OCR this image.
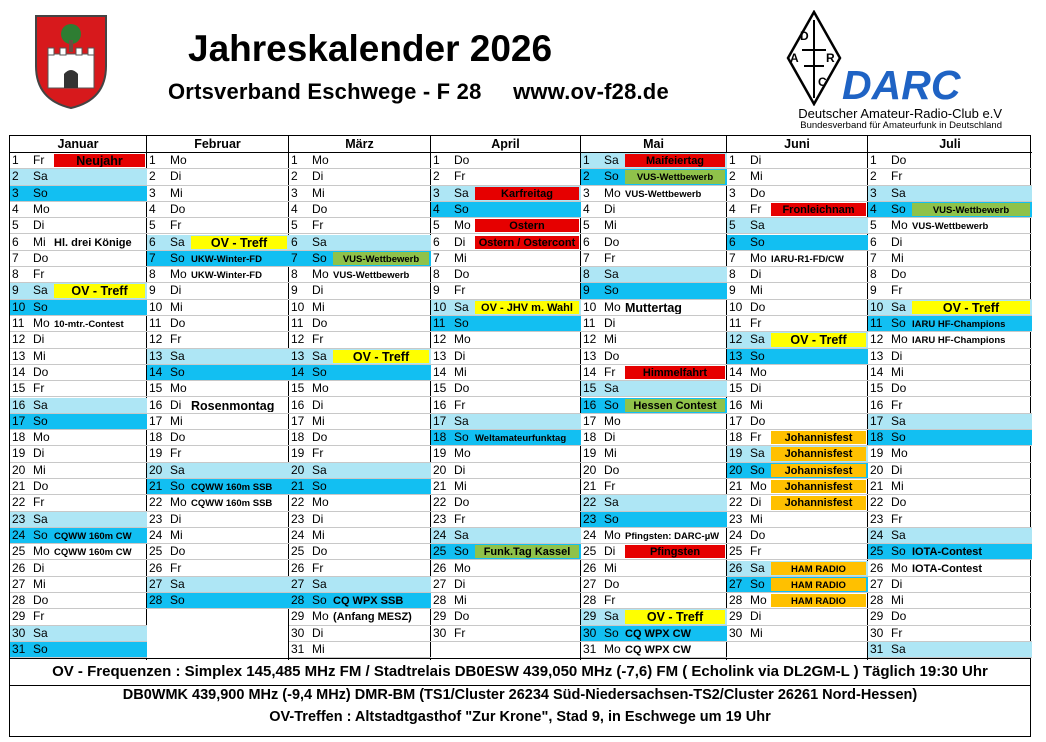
Jahreskalender 2026
Ortsverband Eschwege - F 28     www.ov-f28.de
D
A R
C DARC
Deutscher Amateur-Radio-Club e.V
Bundesverband für Amateurfunk in Deutschland
Januar
1	Fr	Neujahr
2	Sa
3	So
4	Mo
5	Di
6	Mi Hl. drei Könige
7	Do
8	Fr
9	Sa	OV - Treff
10 So
11 Mo 10-mtr.-Contest
12 Di
13 Mi
14 Do
15 Fr
16 Sa
17 So
18 Mo
19 Di
20 Mi
21 Do
22 Fr
23 Sa
24 So CQWW 160m CW
25 Mo CQWW 160m CW
26 Di
27 Mi
28 Do
29 Fr
30 Sa
31 So
Februar
1	Mo
2	Di
3	Mi
4	Do
5	Fr
6	Sa	OV - Treff
7	So UKW-Winter-FD
8	Mo UKW-Winter-FD
9	Di
10 Mi
11 Do
12 Fr
13 Sa
14 So
15 Mo
16 Di Rosenmontag
17 Mi
18 Do
19 Fr
20 Sa
21 So CQWW 160m SSB
22 Mo CQWW 160m SSB
23 Di
24 Mi
25 Do
26 Fr
27 Sa
28 So
März
1	Mo
2	Di
3	Mi
4	Do
5	Fr
6	Sa
7	So	VUS-Wettbewerb
8	Mo VUS-Wettbewerb
9	Di
10 Mi
11 Do
12 Fr
13 Sa	OV - Treff
14 So
15 Mo
16 Di
17 Mi
18 Do
19 Fr
20 Sa
21 So
22 Mo
23 Di
24 Mi
25 Do
26 Fr
27 Sa
28 So CQ WPX SSB
29 Mo (Anfang MESZ)
30 Di
31 Mi
April
1	Do
2	Fr
3	Sa	Karfreitag
4	So
5	Mo	Ostern
6	Di	Ostern / Ostercont
7	Mi
8	Do
9	Fr
10 Sa	OV - JHV m. Wahl
11 So
12 Mo
13 Di
14 Mi
15 Do
16 Fr
17 Sa
18 So Weltamateurfunktag
19 Mo
20 Di
21 Mi
22 Do
23 Fr
24 Sa
25 So	Funk.Tag Kassel
26 Mo
27 Di
28 Mi
29 Do
30 Fr
Mai
1	Sa	Maifeiertag
2	So	VUS-Wettbewerb
3	Mo VUS-Wettbewerb
4	Di
5	Mi
6	Do
7	Fr
8	Sa
9	So
10 Mo Muttertag
11 Di
12 Mi
13 Do
14 Fr	Himmelfahrt
15 Sa
16 So	Hessen Contest
17 Mo
18 Di
19 Mi
20 Do
21 Fr
22 Sa
23 So
24 Mo Pfingsten: DARC-µW
25 Di	Pfingsten
26 Mi
27 Do
28 Fr
29 Sa	OV - Treff
30 So CQ WPX CW
31 Mo CQ WPX CW
Juni
1	Di
2	Mi
3	Do
4	Fr	Fronleichnam
5	Sa
6	So
7	Mo IARU-R1-FD/CW
8	Di
9	Mi
10 Do
11 Fr
12 Sa	OV - Treff
13 So
14 Mo
15 Di
16 Mi
17 Do
18 Fr	Johannisfest
19 Sa	Johannisfest
20 So	Johannisfest
21 Mo	Johannisfest
22 Di	Johannisfest
23 Mi
24 Do
25 Fr
26 Sa	HAM RADIO
27 So	HAM RADIO
28 Mo	HAM RADIO
29 Di
30 Mi
Juli
1	Do
2	Fr
3	Sa
4	So	VUS-Wettbewerb
5	Mo VUS-Wettbewerb
6	Di
7	Mi
8	Do
9	Fr
10 Sa	OV - Treff
11 So IARU HF-Champions
12 Mo IARU HF-Champions
13 Di
14 Mi
15 Do
16 Fr
17 Sa
18 So
19 Mo
20 Di
21 Mi
22 Do
23 Fr
24 Sa
25 So IOTA-Contest
26 Mo IOTA-Contest
27 Di
28 Mi
29 Do
30 Fr
31 Sa
OV - Frequenzen : Simplex 145,485 MHz FM / Stadtrelais DB0ESW 439,050 MHz (-7,6) FM ( Echolink via DL2GM-L ) Täglich 19:30 Uhr
DB0WMK 439,900 MHz (-9,4 MHz) DMR-BM (TS1/Cluster 26234 Süd-Niedersachsen-TS2/Cluster 26261 Nord-Hessen)
OV-Treffen : Altstadtgasthof "Zur Krone", Stad 9, in Eschwege um 19 Uhr
